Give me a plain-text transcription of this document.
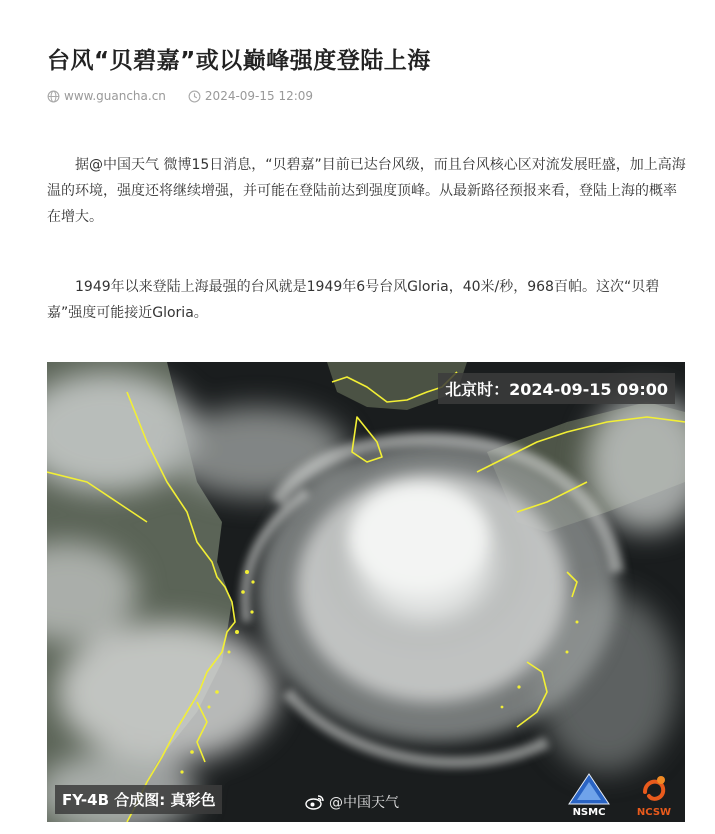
台风“贝碧嘉”或以巅峰强度登陆上海
www.guancha.cn	2024-09-15 12:09

据@中国天气 微博15日消息，“贝碧嘉”目前已达台风级，而且台风核心区对流发展旺盛，加上高海温的环境，强度还将继续增强，并可能在登陆前达到强度顶峰。从最新路径预报来看，登陆上海的概率在增大。

1949年以来登陆上海最强的台风就是1949年6号台风Gloria，40米/秒，968百帕。这次“贝碧嘉”强度可能接近Gloria。

北京时：2024-09-15 09:00
FY-4B 合成图: 真彩色	@中国天气
NSMC	NCSW
